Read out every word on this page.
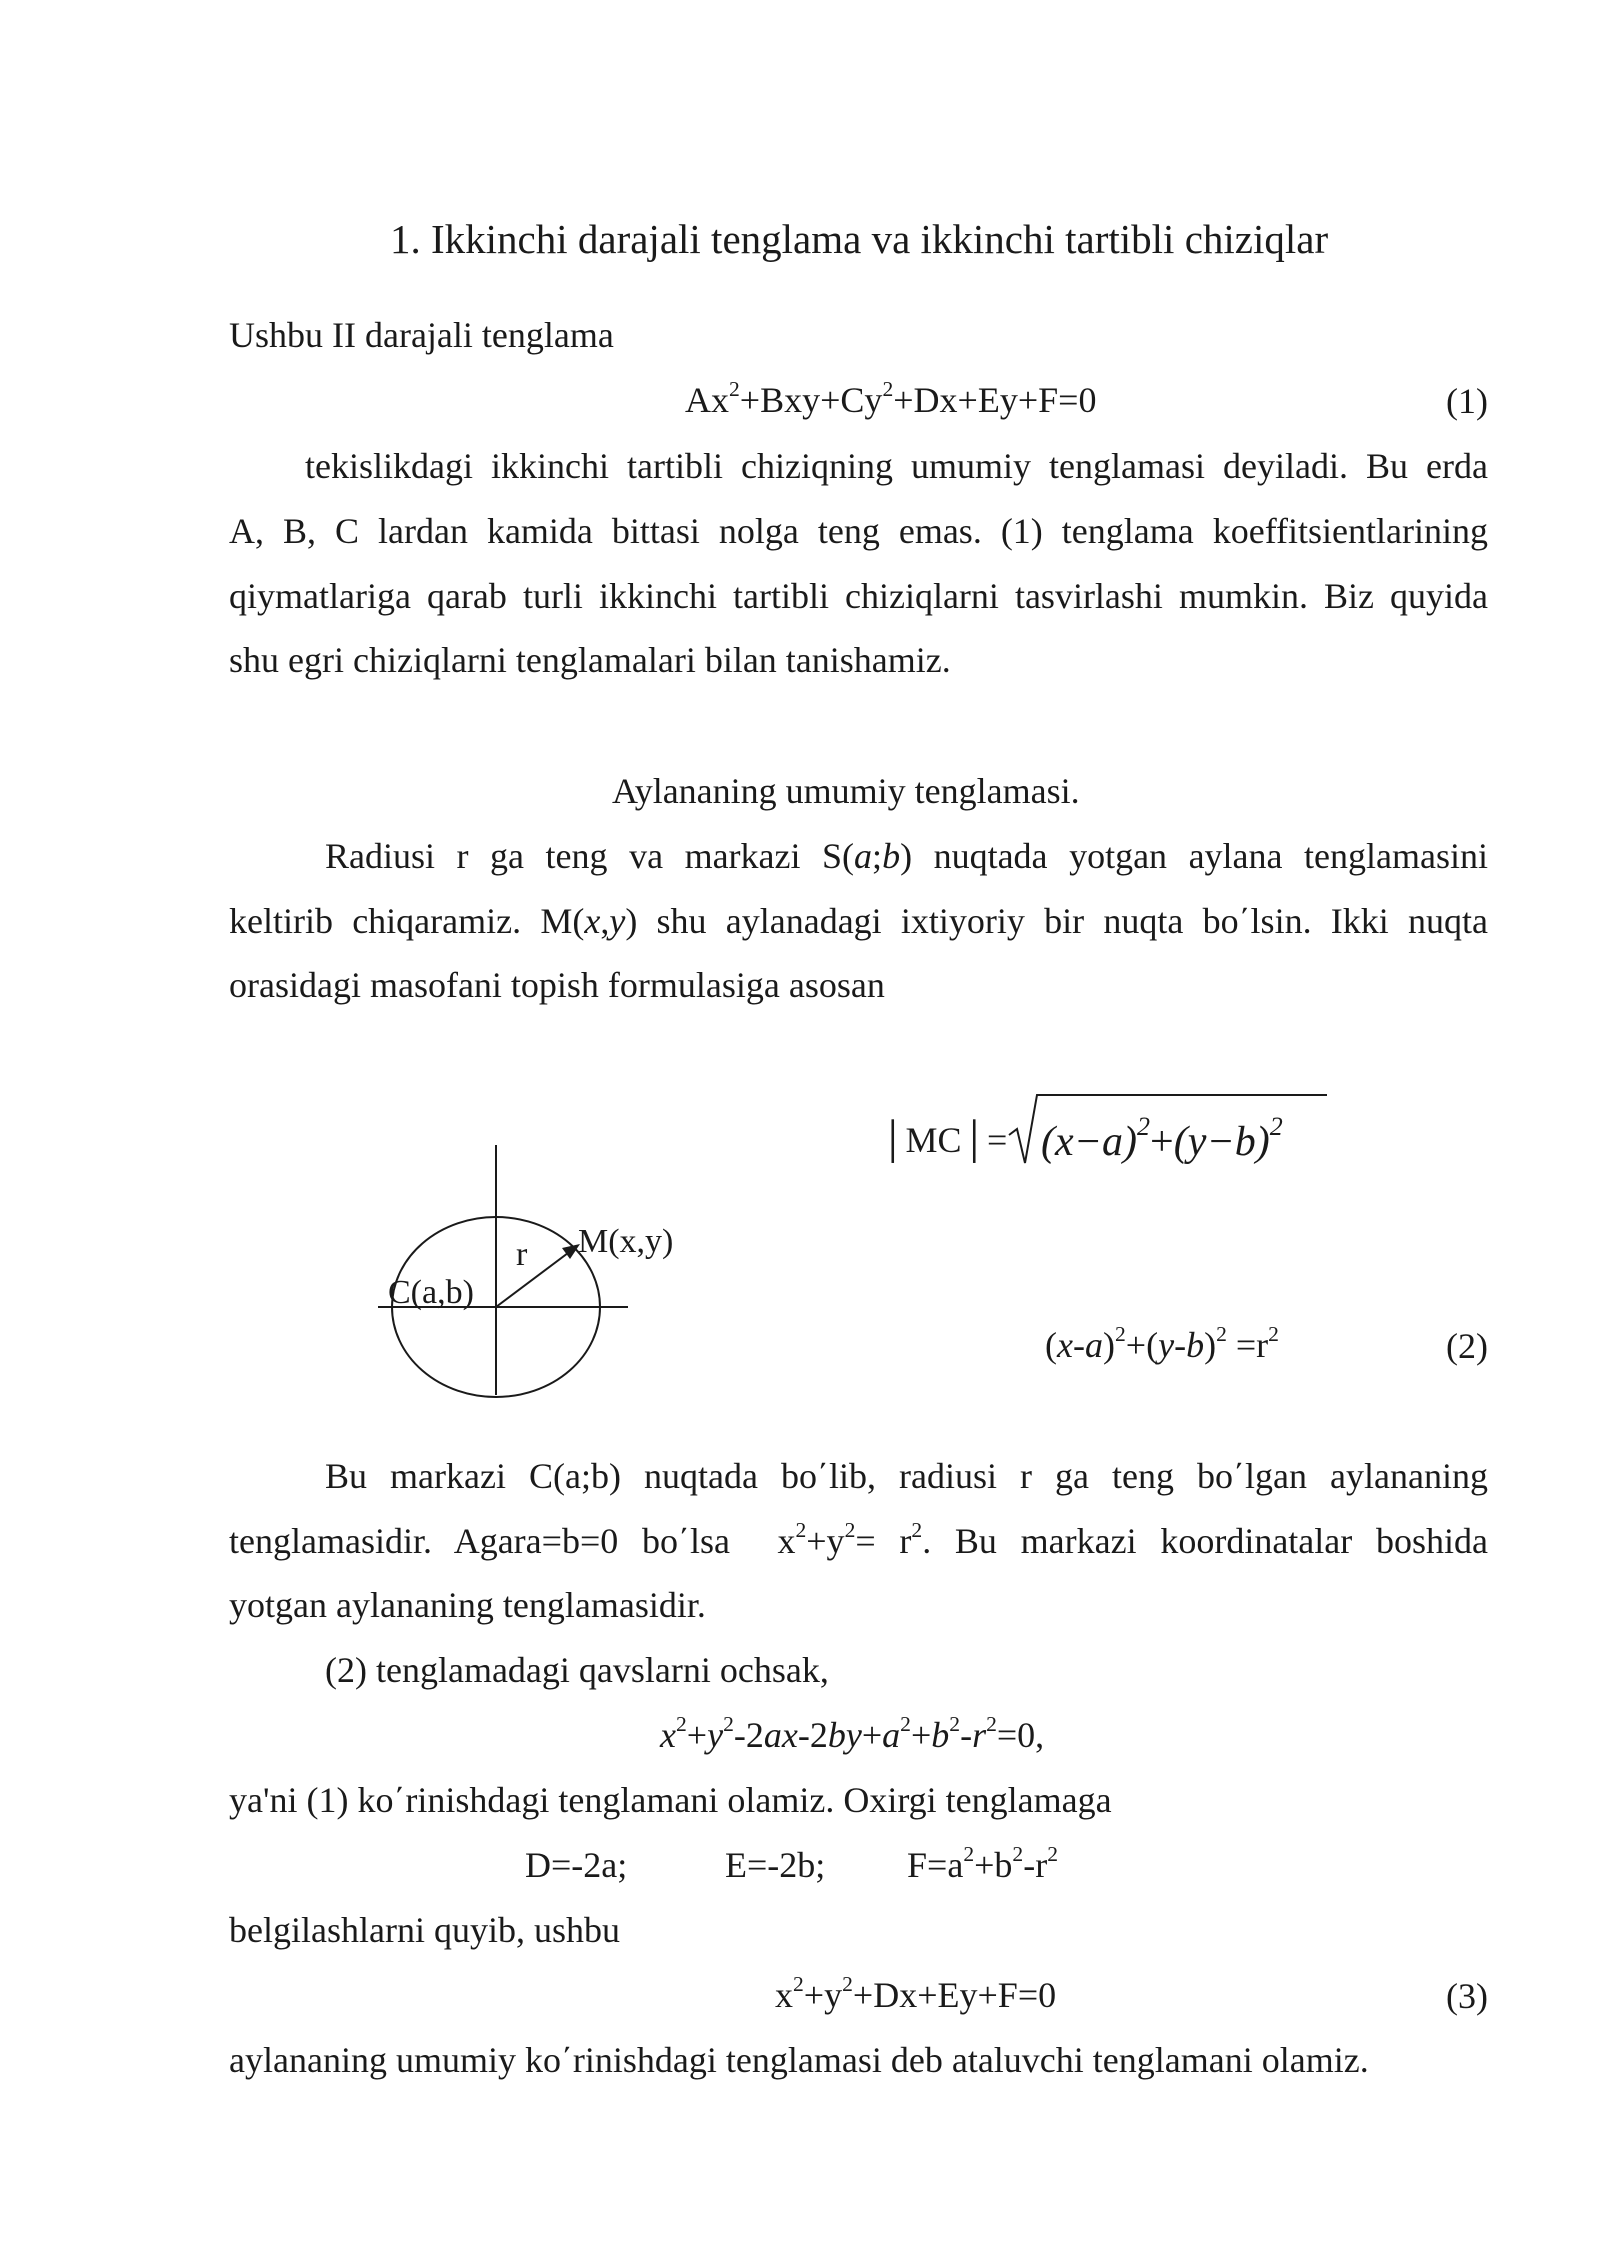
1. Ikkinchi darajali tenglama va ikkinchi tartibli chiziqlar
Ushbu II darajali tenglama
$Ax^2+Bxy+Cy^2+Dx+Ey+F=0$	(1)
tekislikdagi ikkinchi tartibli chiziqning umumiy tenglamasi deyiladi. Bu erda
A, B, C lardan kamida bittasi nolga teng emas. (1) tenglama koeffitsientlarining
qiymatlariga qarab turli ikkinchi tartibli chiziqlarni tasvirlashi mumkin. Biz quyida
shu egri chiziqlarni tenglamalari bilan tanishamiz.
Aylananing umumiy tenglamasi.
Radiusi r ga teng va markazi S(a;b) nuqtada yotgan aylana tenglamasini
keltirib chiqaramiz. M(x,y) shu aylanadagi ixtiyoriy bir nuqta bo΄lsin. Ikki nuqta
orasidagi masofani topish formulasiga asosan
│MC│= $(x-a)^2+(y-b)^2$
C(a,b)
r M(x,y)
$(x-a)^2+(y-b)^2 =r^2$	(2)
Bu markazi C(a;b) nuqtada bo΄lib, radiusi r ga teng bo΄lgan aylananing
tenglamasidir. Agara=b=0 bo΄lsa  $x^2+y^2= r^2$. Bu markazi koordinatalar boshida
yotgan aylananing tenglamasidir.
(2) tenglamadagi qavslarni ochsak,
$x^2+y^2-2ax-2by+a^2+b^2-r^2=0$,
ya'ni (1) ko΄rinishdagi tenglamani olamiz. Oxirgi tenglamaga
D=-2a;	E=-2b; $F=a^2+b^2-r^2$
belgilashlarni quyib, ushbu
$x^2+y^2+Dx+Ey+F=0$	(3)
aylananing umumiy ko΄rinishdagi tenglamasi deb ataluvchi tenglamani olamiz.
